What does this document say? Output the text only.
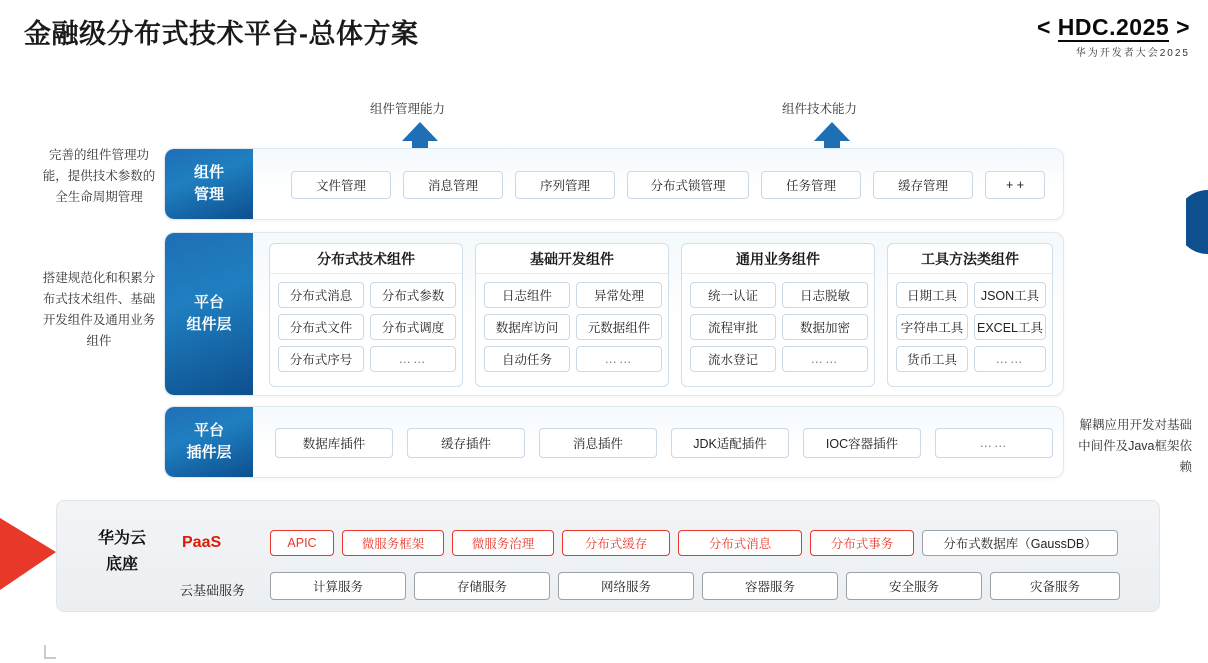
金融级分布式技术平台-总体方案	< HDC.2025 >
华为开发者大会2025
组件管理能力	组件技术能力
完善的组件管理功能，提供技术参数的全生命周期管理
搭建规范化和积累分布式技术组件、基础开发组件及通用业务组件
解耦应用开发对基础中间件及Java框架依赖
组件
管理	文件管理	消息管理	序列管理	分布式锁管理	任务管理	缓存管理	+ +
平台
组件层
分布式技术组件
分布式消息	分布式参数
分布式文件	分布式调度
分布式序号	……
基础开发组件
日志组件	异常处理
数据库访问	元数据组件
自动任务	……
通用业务组件
统一认证	日志脱敏
流程审批	数据加密
流水登记	……
工具方法类组件
日期工具	JSON工具
字符串工具	EXCEL工具
货币工具	……
平台
插件层	数据库插件	缓存插件	消息插件	JDK适配插件	IOC容器插件	……
华为云
底座
PaaS
云基础服务
APIC	微服务框架	微服务治理	分布式缓存	分布式消息	分布式事务	分布式数据库（GaussDB）
计算服务	存储服务	网络服务	容器服务	安全服务	灾备服务
